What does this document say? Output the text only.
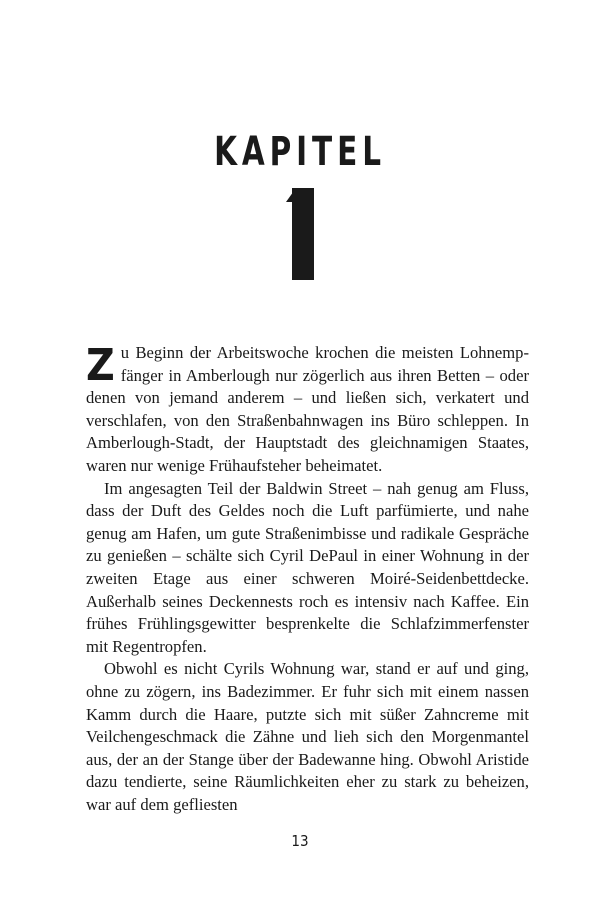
KAPITEL

Zu Beginn der Arbeitswoche krochen die meisten Lohnempfänger in Amberlough nur zögerlich aus ihren Betten – oder denen von jemand anderem – und ließen sich, verkatert und verschlafen, von den Straßenbahnwagen ins Büro schleppen. In Amberlough-Stadt, der Hauptstadt des gleichnamigen Staates, waren nur wenige Frühaufsteher beheimatet.

Im angesagten Teil der Baldwin Street – nah genug am Fluss, dass der Duft des Geldes noch die Luft parfümierte, und nahe genug am Hafen, um gute Straßenimbisse und radikale Gespräche zu genießen – schälte sich Cyril DePaul in einer Wohnung in der zweiten Etage aus einer schweren Moiré-Seidenbettdecke. Außerhalb seines Deckennests roch es intensiv nach Kaffee. Ein frühes Frühlingsgewitter besprenkelte die Schlafzimmerfenster mit Regentropfen.

Obwohl es nicht Cyrils Wohnung war, stand er auf und ging, ohne zu zögern, ins Badezimmer. Er fuhr sich mit einem nassen Kamm durch die Haare, putzte sich mit süßer Zahncreme mit Veilchengeschmack die Zähne und lieh sich den Morgenmantel aus, der an der Stange über der Badewanne hing. Obwohl Aristide dazu tendierte, seine Räumlichkeiten eher zu stark zu beheizen, war auf dem gefliesten

13
